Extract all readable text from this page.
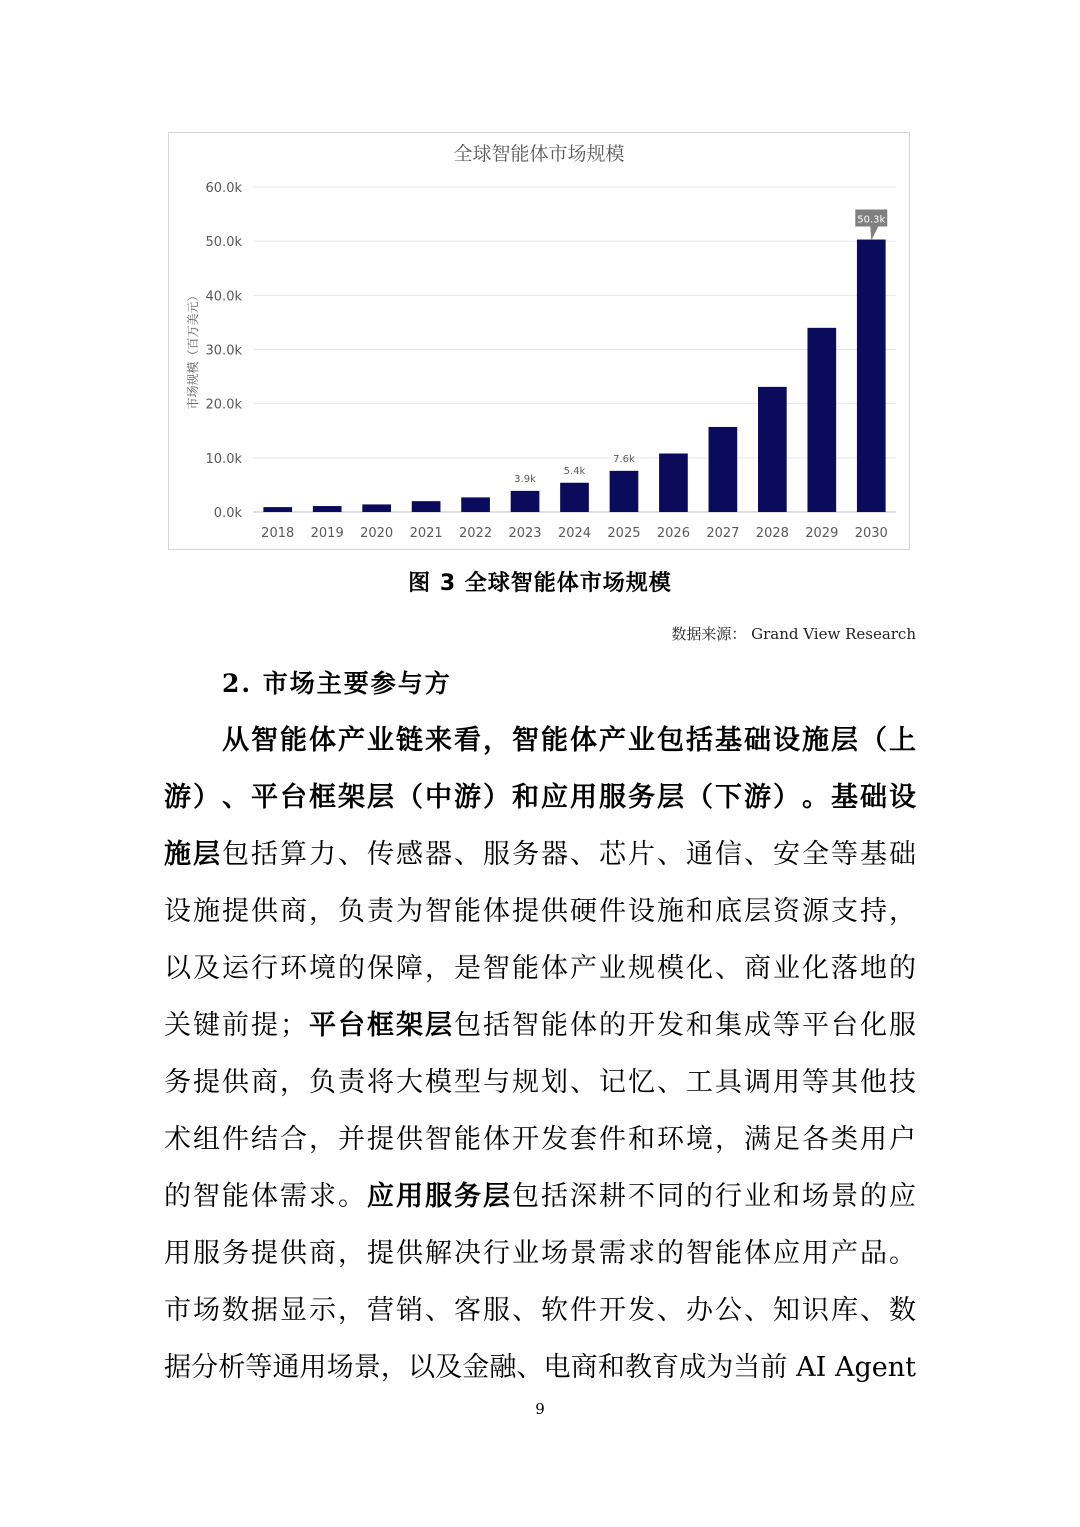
全球智能体市场规模
0.0k
10.0k
20.0k
30.0k
40.0k
50.0k
60.0k
市场规模（百万美元）
2018 2019 2020 2021 2022 2023
3.9k
2024
5.4k
2025
7.6k
2026 2027 2028 2029 2030
50.3k
图 3 全球智能体市场规模
数据来源： Grand View Research
2. 市场主要参与方
从 智 能 体 产 业 链 来 看 ， 智 能 体 产 业 包 括 基 础 设 施 层 （ 上
游 ） 、 平 台 框 架 层 （ 中 游 ） 和 应 用 服 务 层 （ 下 游 ） 。 基 础 设
施 层 包 括 算 力 、 传 感 器 、 服 务 器 、 芯 片 、 通 信 、 安 全 等 基 础
设 施 提 供 商 ， 负 责 为 智 能 体 提 供 硬 件 设 施 和 底 层 资 源 支 持 ，
以 及 运 行 环 境 的 保 障 ， 是 智 能 体 产 业 规 模 化 、 商 业 化 落 地 的
关 键 前 提 ； 平 台 框 架 层 包 括 智 能 体 的 开 发 和 集 成 等 平 台 化 服
务 提 供 商 ， 负 责 将 大 模 型 与 规 划 、 记 忆 、 工 具 调 用 等 其 他 技
术 组 件 结 合 ， 并 提 供 智 能 体 开 发 套 件 和 环 境 ， 满 足 各 类 用 户
的 智 能 体 需 求 。 应 用 服 务 层 包 括 深 耕 不 同 的 行 业 和 场 景 的 应
用 服 务 提 供 商 ， 提 供 解 决 行 业 场 景 需 求 的 智 能 体 应 用 产 品 。
市 场 数 据 显 示 ， 营 销 、 客 服 、 软 件 开 发 、 办 公 、 知 识 库 、 数
据 分 析 等 通 用 场 景 ， 以 及 金 融 、 电 商 和 教 育 成 为 当 前 AI Agent
9
